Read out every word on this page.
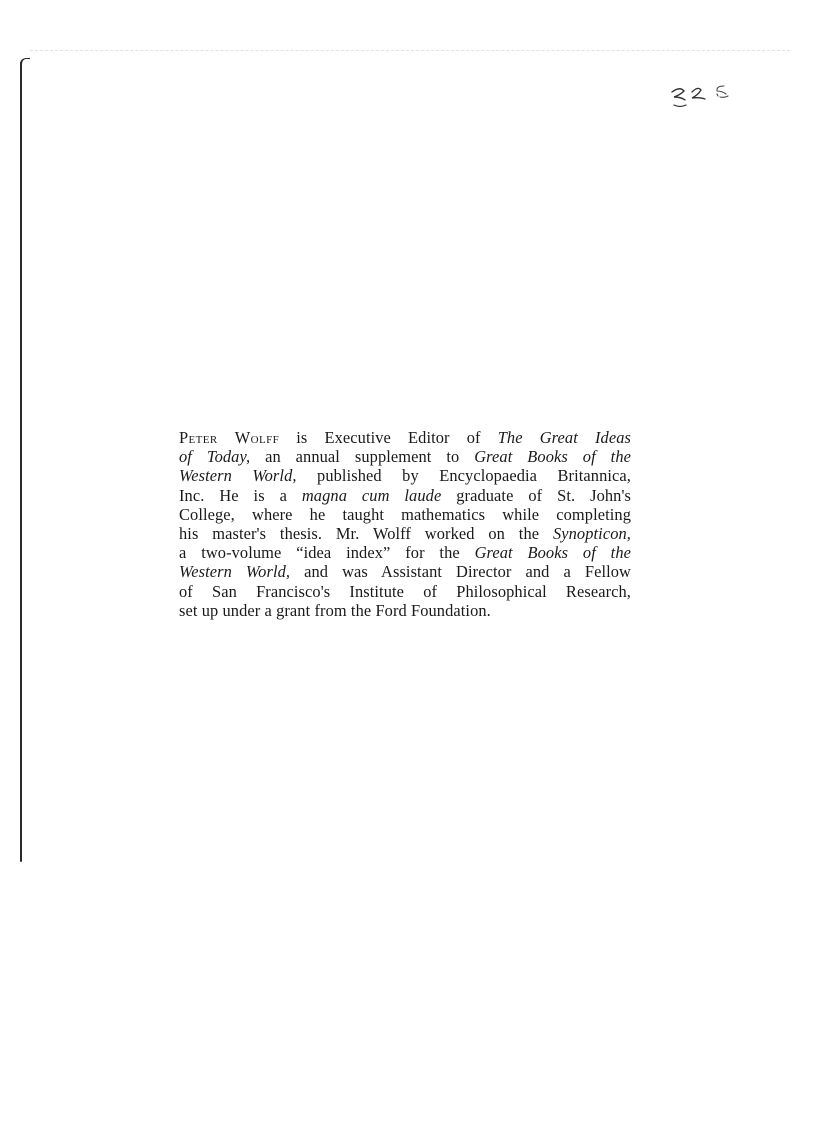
Peter Wolff is Executive Editor of The Great Ideas
of Today, an annual supplement to Great Books of the
Western World, published by Encyclopaedia Britannica,
Inc. He is a magna cum laude graduate of St. John's
College, where he taught mathematics while completing
his master's thesis. Mr. Wolff worked on the Synopticon,
a two-volume “idea index” for the Great Books of the
Western World, and was Assistant Director and a Fellow
of San Francisco's Institute of Philosophical Research,
set up under a grant from the Ford Foundation.
